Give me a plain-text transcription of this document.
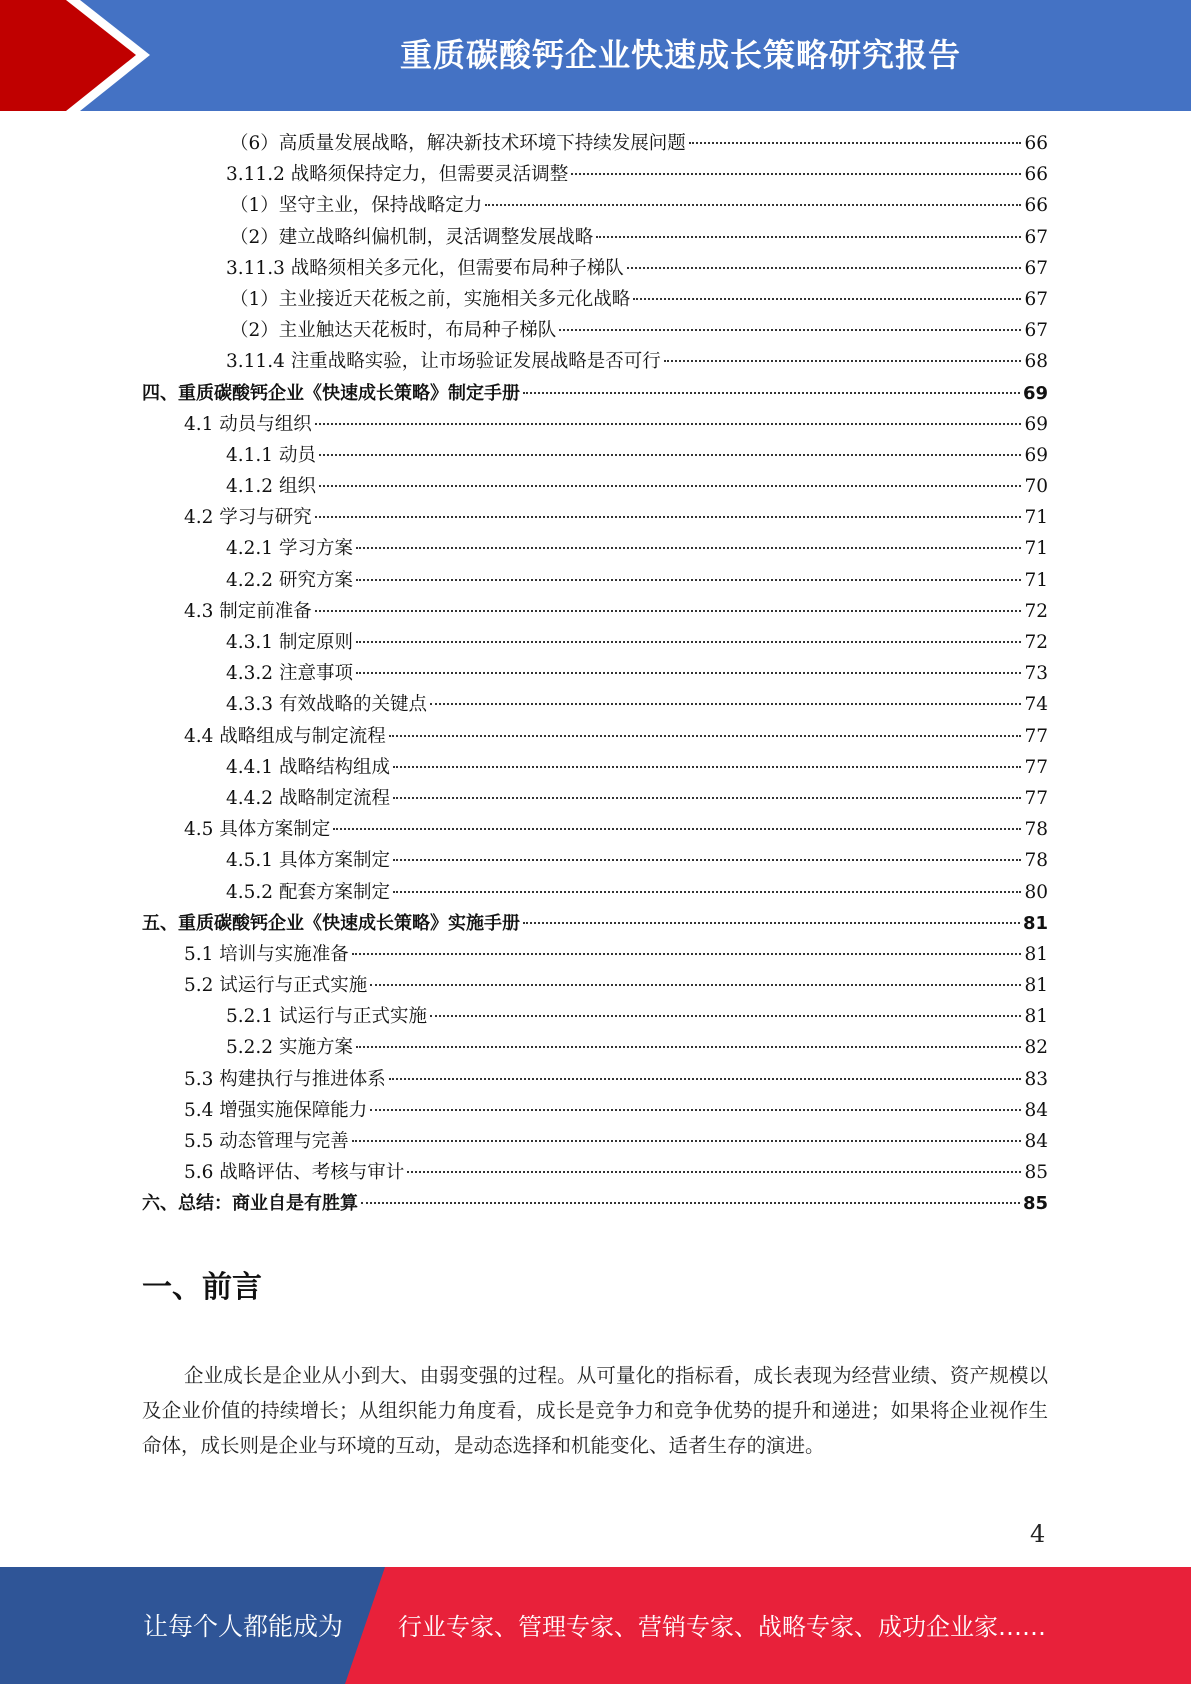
重质碳酸钙企业快速成长策略研究报告
（6）高质量发展战略，解决新技术环境下持续发展问题	66
3.11.2 战略须保持定力，但需要灵活调整	66
（1）坚守主业，保持战略定力	66
（2）建立战略纠偏机制，灵活调整发展战略	67
3.11.3 战略须相关多元化，但需要布局种子梯队	67
（1）主业接近天花板之前，实施相关多元化战略	67
（2）主业触达天花板时，布局种子梯队	67
3.11.4 注重战略实验，让市场验证发展战略是否可行	68
四、重质碳酸钙企业《快速成长策略》制定手册	69
4.1 动员与组织	69
4.1.1 动员	69
4.1.2 组织	70
4.2 学习与研究	71
4.2.1 学习方案	71
4.2.2 研究方案	71
4.3 制定前准备	72
4.3.1 制定原则	72
4.3.2 注意事项	73
4.3.3 有效战略的关键点	74
4.4 战略组成与制定流程	77
4.4.1 战略结构组成	77
4.4.2 战略制定流程	77
4.5 具体方案制定	78
4.5.1 具体方案制定	78
4.5.2 配套方案制定	80
五、重质碳酸钙企业《快速成长策略》实施手册	81
5.1 培训与实施准备	81
5.2 试运行与正式实施	81
5.2.1 试运行与正式实施	81
5.2.2 实施方案	82
5.3 构建执行与推进体系	83
5.4 增强实施保障能力	84
5.5 动态管理与完善	84
5.6 战略评估、考核与审计	85
六、总结：商业自是有胜算	85
一、前言
企业成长是企业从小到大、由弱变强的过程。从可量化的指标看，成长表现为经营业绩、资产规模以及企业价值的持续增长；从组织能力角度看，成长是竞争力和竞争优势的提升和递进；如果将企业视作生命体，成长则是企业与环境的互动，是动态选择和机能变化、适者生存的演进。
4
让每个人都能成为 行业专家、管理专家、营销专家、战略专家、成功企业家……
